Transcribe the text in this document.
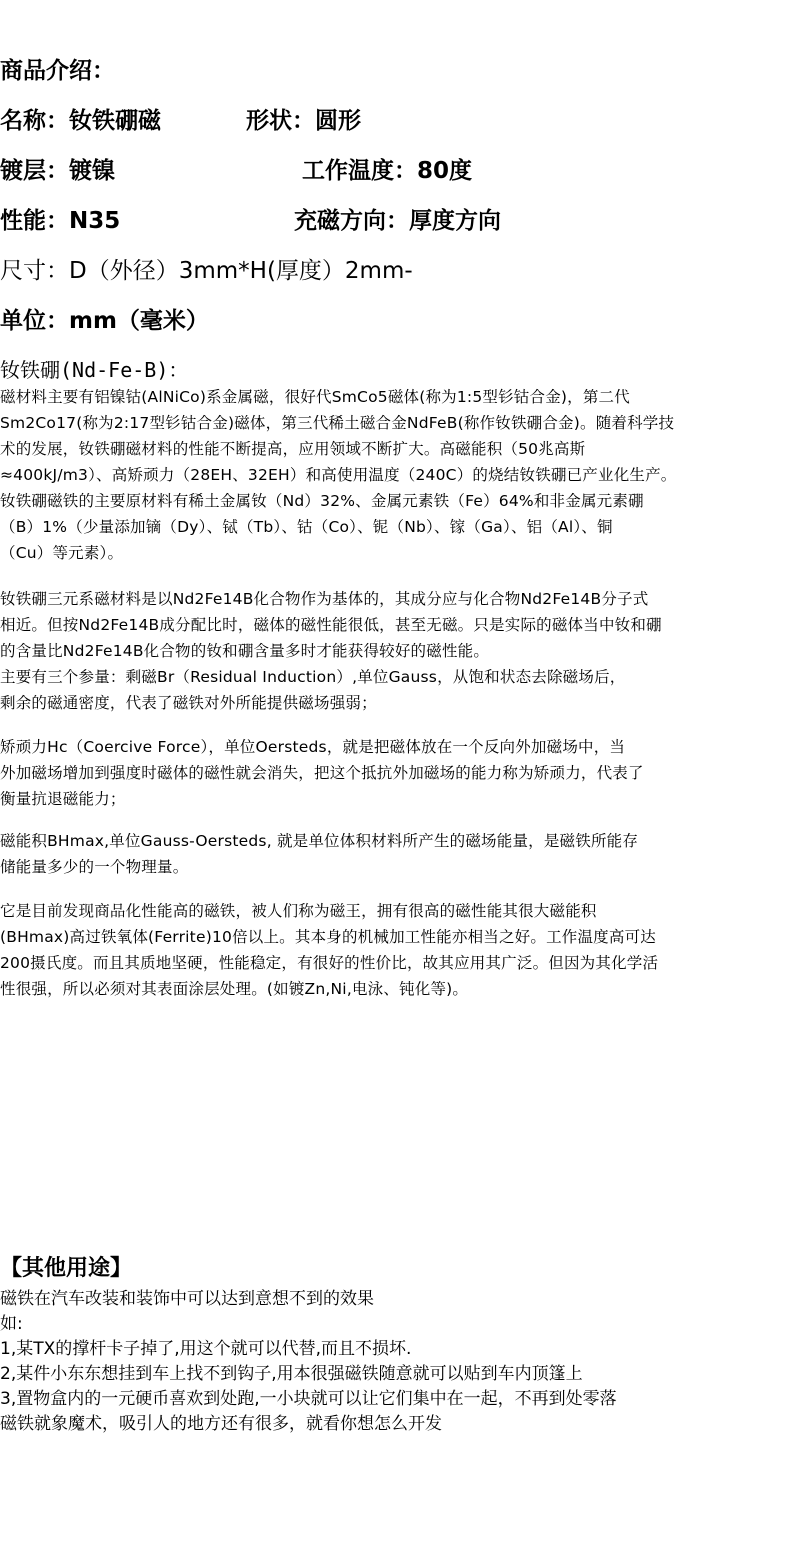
商品介绍：
名称：钕铁硼磁	形状：圆形
镀层：镀镍	工作温度：80度
性能：N35	充磁方向：厚度方向
尺寸：D（外径）3mm*H(厚度）2mm-
单位：mm（毫米）
钕铁硼(Nd-Fe-B)：
磁材料主要有铝镍钴(AlNiCo)系金属磁，很好代SmCo5磁体(称为1:5型钐钴合金)，第二代
Sm2Co17(称为2:17型钐钴合金)磁体，第三代稀土磁合金NdFeB(称作钕铁硼合金)。随着科学技
术的发展，钕铁硼磁材料的性能不断提高，应用领域不断扩大。高磁能积（50兆高斯
≈400kJ/m3）、高矫顽力（28EH、32EH）和高使用温度（240C）的烧结钕铁硼已产业化生产。
钕铁硼磁铁的主要原材料有稀土金属钕（Nd）32%、金属元素铁（Fe）64%和非金属元素硼
（B）1%（少量添加镝（Dy）、铽（Tb）、钴（Co）、铌（Nb）、镓（Ga）、铝（Al）、铜
（Cu）等元素）。
钕铁硼三元系磁材料是以Nd2Fe14B化合物作为基体的，其成分应与化合物Nd2Fe14B分子式
相近。但按Nd2Fe14B成分配比时，磁体的磁性能很低，甚至无磁。只是实际的磁体当中钕和硼
的含量比Nd2Fe14B化合物的钕和硼含量多时才能获得较好的磁性能。
主要有三个参量：剩磁Br（Residual Induction）,单位Gauss，从饱和状态去除磁场后，
剩余的磁通密度，代表了磁铁对外所能提供磁场强弱；
矫顽力Hc（Coercive Force），单位Oersteds，就是把磁体放在一个反向外加磁场中，当
外加磁场增加到强度时磁体的磁性就会消失，把这个抵抗外加磁场的能力称为矫顽力，代表了
衡量抗退磁能力；
磁能积BHmax,单位Gauss-Oersteds, 就是单位体积材料所产生的磁场能量，是磁铁所能存
储能量多少的一个物理量。
它是目前发现商品化性能高的磁铁，被人们称为磁王，拥有很高的磁性能其很大磁能积
(BHmax)高过铁氧体(Ferrite)10倍以上。其本身的机械加工性能亦相当之好。工作温度高可达
200摄氏度。而且其质地坚硬，性能稳定，有很好的性价比，故其应用其广泛。但因为其化学活
性很强，所以必须对其表面涂层处理。(如镀Zn,Ni,电泳、钝化等)。
【其他用途】
磁铁在汽车改装和装饰中可以达到意想不到的效果
如:
1,某TX的撑杆卡子掉了,用这个就可以代替,而且不损坏.
2,某件小东东想挂到车上找不到钩子,用本很强磁铁随意就可以贴到车内顶篷上
3,置物盒内的一元硬币喜欢到处跑,一小块就可以让它们集中在一起，不再到处零落
磁铁就象魔术，吸引人的地方还有很多，就看你想怎么开发
